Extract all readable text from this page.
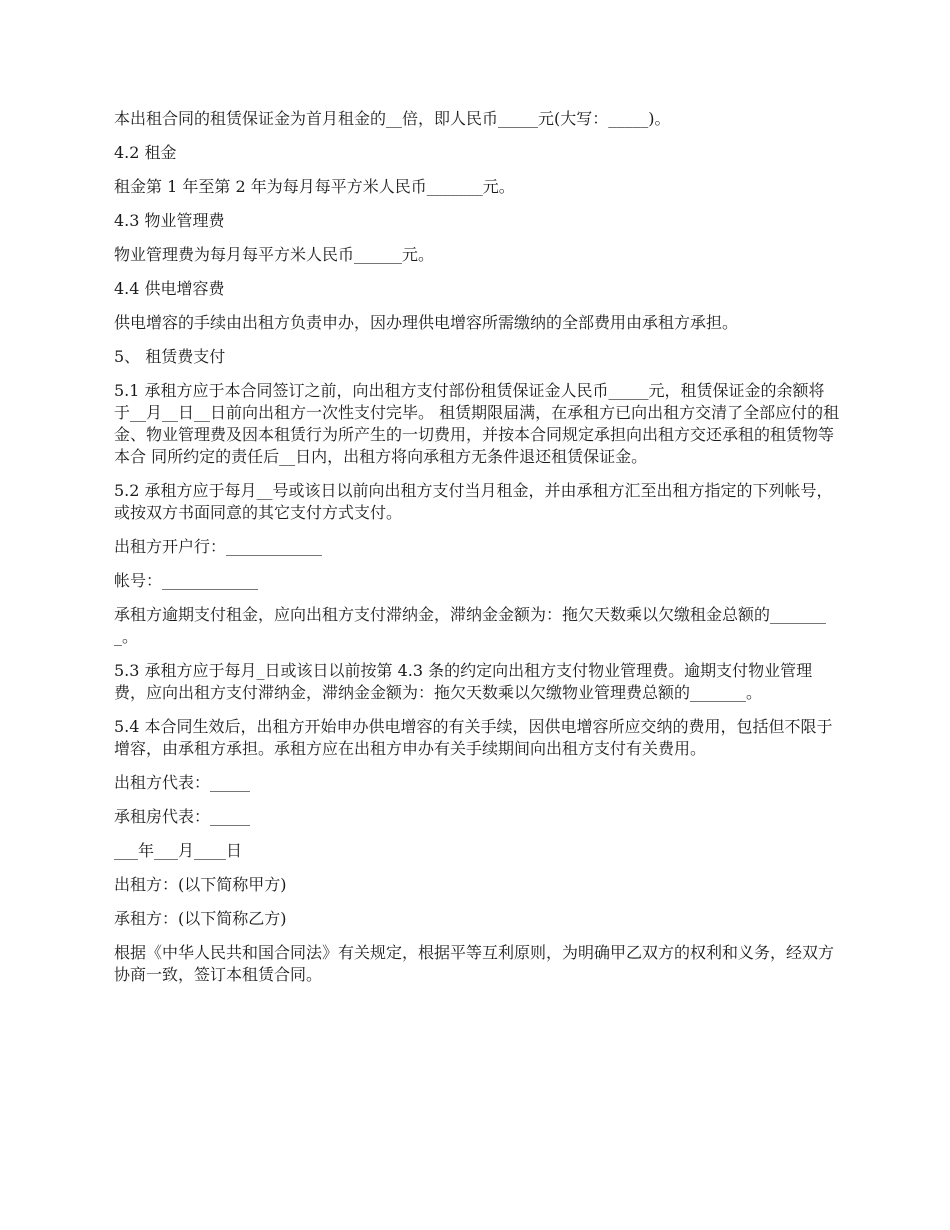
本出租合同的租赁保证金为首月租金的__倍，即人民币_____元(大写：_____)。

4.2 租金

租金第 1 年至第 2 年为每月每平方米人民币_______元。

4.3 物业管理费

物业管理费为每月每平方米人民币______元。

4.4 供电增容费

供电增容的手续由出租方负责申办，因办理供电增容所需缴纳的全部费用由承租方承担。

5、 租赁费支付

5.1 承租方应于本合同签订之前，向出租方支付部份租赁保证金人民币_____元，租赁保证金的余额将于__月__日__日前向出租方一次性支付完毕。 租赁期限届满，在承租方已向出租方交清了全部应付的租金、物业管理费及因本租赁行为所产生的一切费用，并按本合同规定承担向出租方交还承租的租赁物等本合 同所约定的责任后__日内，出租方将向承租方无条件退还租赁保证金。

5.2 承租方应于每月__号或该日以前向出租方支付当月租金，并由承租方汇至出租方指定的下列帐号，或按双方书面同意的其它支付方式支付。

出租方开户行：____________

帐号：____________

承租方逾期支付租金，应向出租方支付滞纳金，滞纳金金额为：拖欠天数乘以欠缴租金总额的________。

5.3 承租方应于每月_日或该日以前按第 4.3 条的约定向出租方支付物业管理费。逾期支付物业管理费，应向出租方支付滞纳金，滞纳金金额为：拖欠天数乘以欠缴物业管理费总额的_______。

5.4 本合同生效后，出租方开始申办供电增容的有关手续，因供电增容所应交纳的费用，包括但不限于增容，由承租方承担。承租方应在出租方申办有关手续期间向出租方支付有关费用。

出租方代表：_____

承租房代表：_____

___年___月____日

出租方：(以下简称甲方)

承租方：(以下简称乙方)

根据《中华人民共和国合同法》有关规定，根据平等互利原则，为明确甲乙双方的权利和义务，经双方协商一致，签订本租赁合同。
